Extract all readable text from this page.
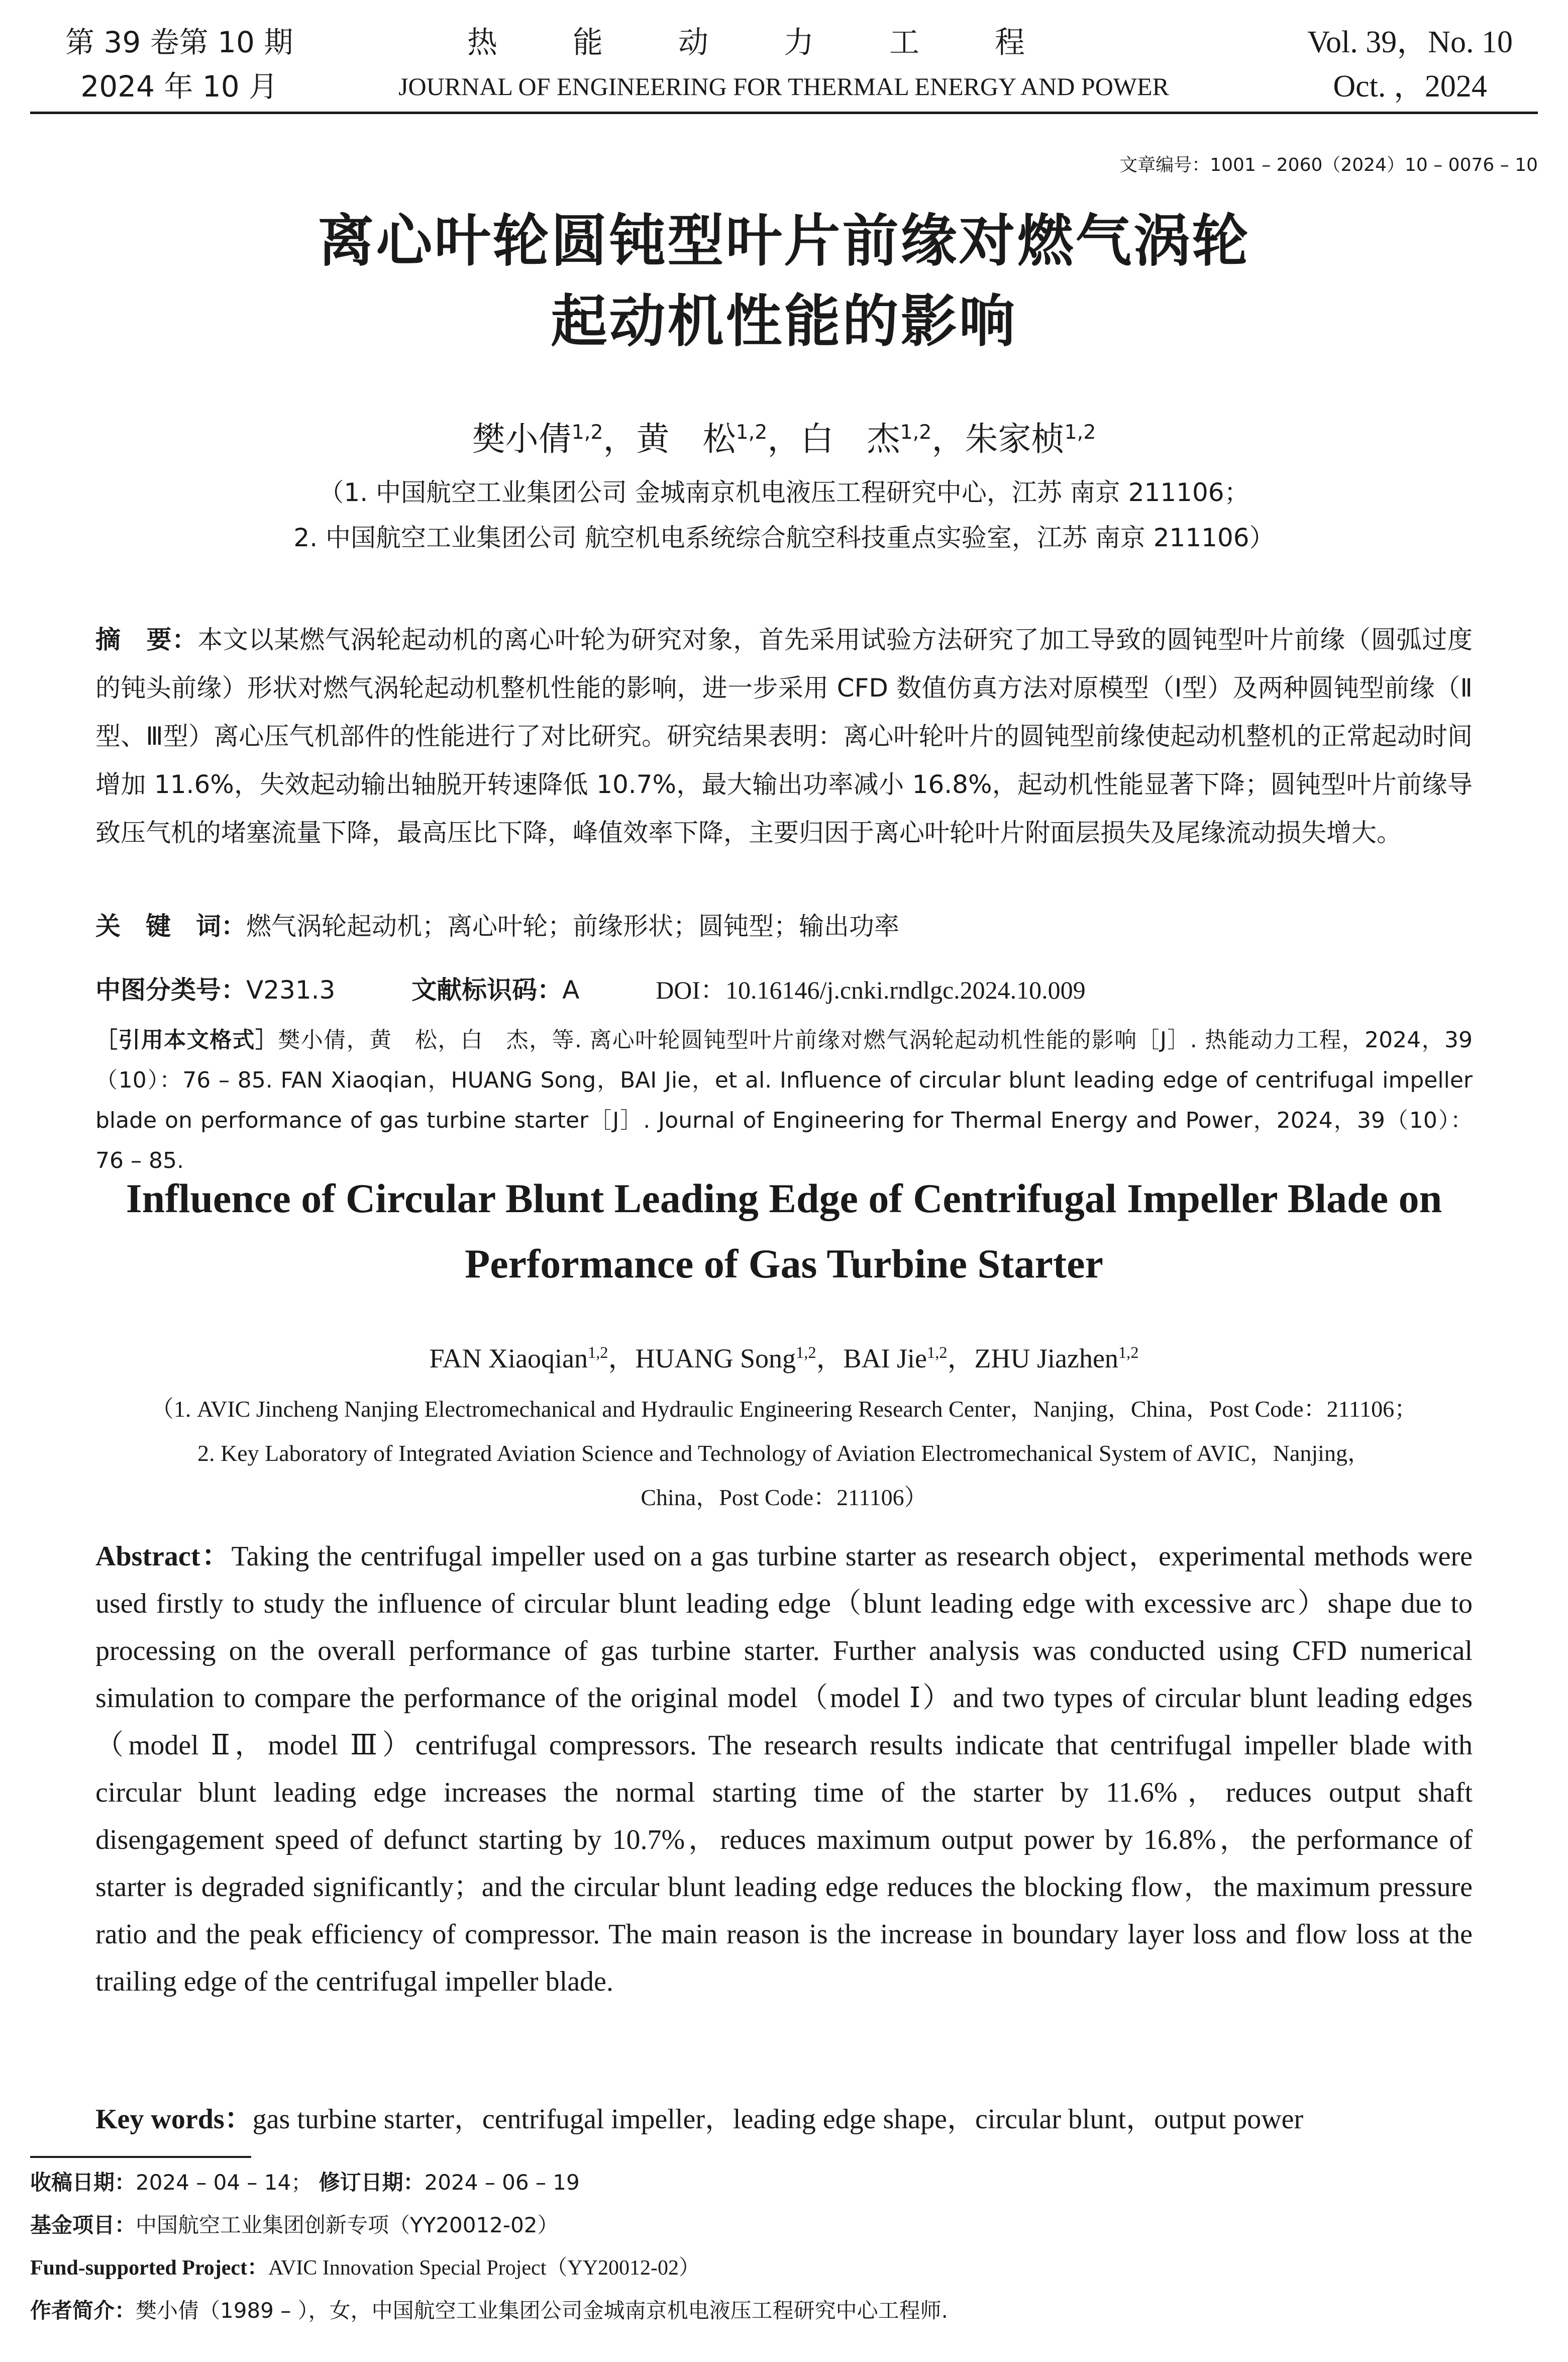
第 39 卷第 10 期
2024 年 10 月
热能动力工程
JOURNAL OF ENGINEERING FOR THERMAL ENERGY AND POWER
Vol. 39，No. 10
Oct. ，2024
文章编号：1001 – 2060（2024）10 – 0076 – 10
离心叶轮圆钝型叶片前缘对燃气涡轮
起动机性能的影响
樊小倩$^{1,2}$，黄　松$^{1,2}$，白　杰$^{1,2}$，朱家桢$^{1,2}$
（1. 中国航空工业集团公司 金城南京机电液压工程研究中心，江苏 南京 211106；
2. 中国航空工业集团公司 航空机电系统综合航空科技重点实验室，江苏 南京 211106）
摘　要：本文以某燃气涡轮起动机的离心叶轮为研究对象，首先采用试验方法研究了加工导致的圆钝型叶片前缘（圆弧过度的钝头前缘）形状对燃气涡轮起动机整机性能的影响，进一步采用 CFD 数值仿真方法对原模型（Ⅰ型）及两种圆钝型前缘（Ⅱ型、Ⅲ型）离心压气机部件的性能进行了对比研究。研究结果表明：离心叶轮叶片的圆钝型前缘使起动机整机的正常起动时间增加 11.6%，失效起动输出轴脱开转速降低 10.7%，最大输出功率减小 16.8%，起动机性能显著下降；圆钝型叶片前缘导致压气机的堵塞流量下降，最高压比下降，峰值效率下降，主要归因于离心叶轮叶片附面层损失及尾缘流动损失增大。
关　键　词：燃气涡轮起动机；离心叶轮；前缘形状；圆钝型；输出功率
中图分类号：V231.3	文献标识码：A	DOI：10.16146/j.cnki.rndlgc.2024.10.009
［引用本文格式］樊小倩，黄　松，白　杰，等. 离心叶轮圆钝型叶片前缘对燃气涡轮起动机性能的影响［J］. 热能动力工程，2024，39（10）：76 – 85. FAN Xiaoqian，HUANG Song，BAI Jie，et al. Influence of circular blunt leading edge of centrifugal impeller blade on performance of gas turbine starter［J］. Journal of Engineering for Thermal Energy and Power，2024，39（10）：76 – 85.
Influence of Circular Blunt Leading Edge of Centrifugal Impeller Blade on
Performance of Gas Turbine Starter
FAN Xiaoqian$^{1,2}$，HUANG Song$^{1,2}$，BAI Jie$^{1,2}$，ZHU Jiazhen$^{1,2}$
（1. AVIC Jincheng Nanjing Electromechanical and Hydraulic Engineering Research Center，Nanjing，China，Post Code：211106；
2. Key Laboratory of Integrated Aviation Science and Technology of Aviation Electromechanical System of AVIC，Nanjing，
China，Post Code：211106）
Abstract：Taking the centrifugal impeller used on a gas turbine starter as research object，experimental methods were used firstly to study the influence of circular blunt leading edge（blunt leading edge with excessive arc）shape due to processing on the overall performance of gas turbine starter. Further analysis was conducted using CFD numerical simulation to compare the performance of the original model（model Ⅰ）and two types of circular blunt leading edges（model Ⅱ，model Ⅲ）centrifugal compressors. The research results indicate that centrifugal impeller blade with circular blunt leading edge increases the normal starting time of the starter by 11.6%，reduces output shaft disengagement speed of defunct starting by 10.7%，reduces maximum output power by 16.8%，the performance of starter is degraded significantly；and the circular blunt leading edge reduces the blocking flow，the maximum pressure ratio and the peak efficiency of compressor. The main reason is the increase in boundary layer loss and flow loss at the trailing edge of the centrifugal impeller blade.
Key words：gas turbine starter，centrifugal impeller，leading edge shape，circular blunt，output power
收稿日期：2024 – 04 – 14； 修订日期：2024 – 06 – 19
基金项目：中国航空工业集团创新专项（YY20012-02）
Fund-supported Project：AVIC Innovation Special Project（YY20012-02）
作者简介：樊小倩（1989 – ），女，中国航空工业集团公司金城南京机电液压工程研究中心工程师.
